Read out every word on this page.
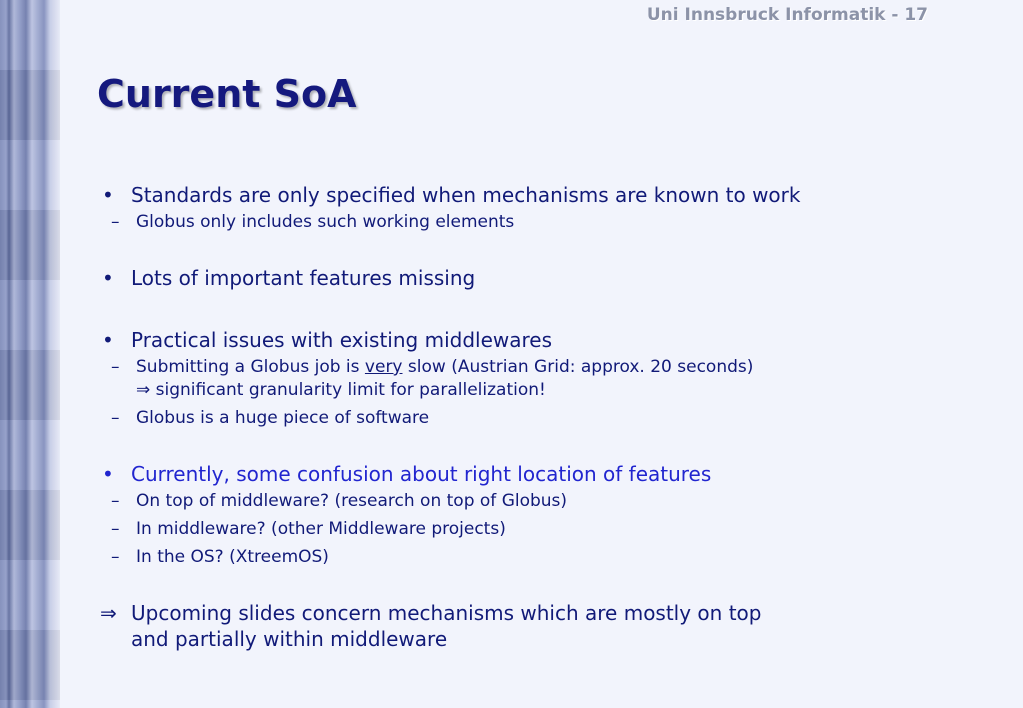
Uni Innsbruck Informatik - 17
Current SoA
• Standards are only specified when mechanisms are known to work
– Globus only includes such working elements
• Lots of important features missing
• Practical issues with existing middlewares
– Submitting a Globus job is very slow (Austrian Grid: approx. 20 seconds)
⇒ significant granularity limit for parallelization!
– Globus is a huge piece of software
• Currently, some confusion about right location of features
– On top of middleware? (research on top of Globus)
– In middleware? (other Middleware projects)
– In the OS? (XtreemOS)
⇒ Upcoming slides concern mechanisms which are mostly on top
and partially within middleware
